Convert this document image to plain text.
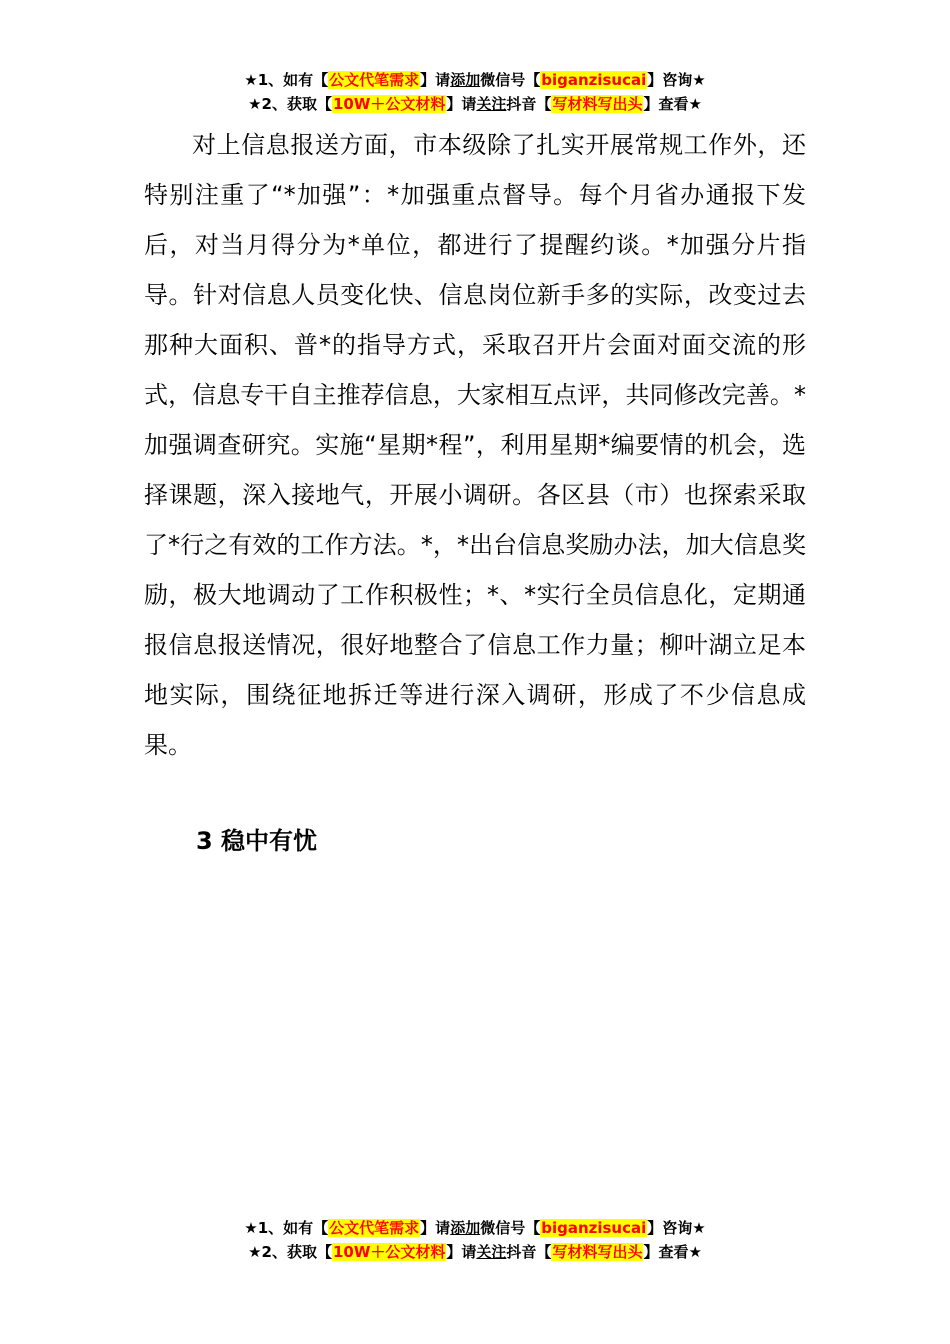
★1、如有【公文代笔需求】请添加微信号【biganzisucai】咨询★
★2、获取【10W＋公文材料】请关注抖音【写材料写出头】查看★

对上信息报送方面，市本级除了扎实开展常规工作外，还特别注重了“*加强”：*加强重点督导。每个月省办通报下发后，对当月得分为*单位，都进行了提醒约谈。*加强分片指导。针对信息人员变化快、信息岗位新手多的实际，改变过去那种大面积、普*的指导方式，采取召开片会面对面交流的形式，信息专干自主推荐信息，大家相互点评，共同修改完善。*加强调查研究。实施“星期*程”，利用星期*编要情的机会，选择课题，深入接地气，开展小调研。各区县（市）也探索采取了*行之有效的工作方法。*，*出台信息奖励办法，加大信息奖励，极大地调动了工作积极性；*、*实行全员信息化，定期通报信息报送情况，很好地整合了信息工作力量；柳叶湖立足本地实际，围绕征地拆迁等进行深入调研，形成了不少信息成果。

3 稳中有忧
★1、如有【公文代笔需求】请添加微信号【biganzisucai】咨询★
★2、获取【10W＋公文材料】请关注抖音【写材料写出头】查看★
